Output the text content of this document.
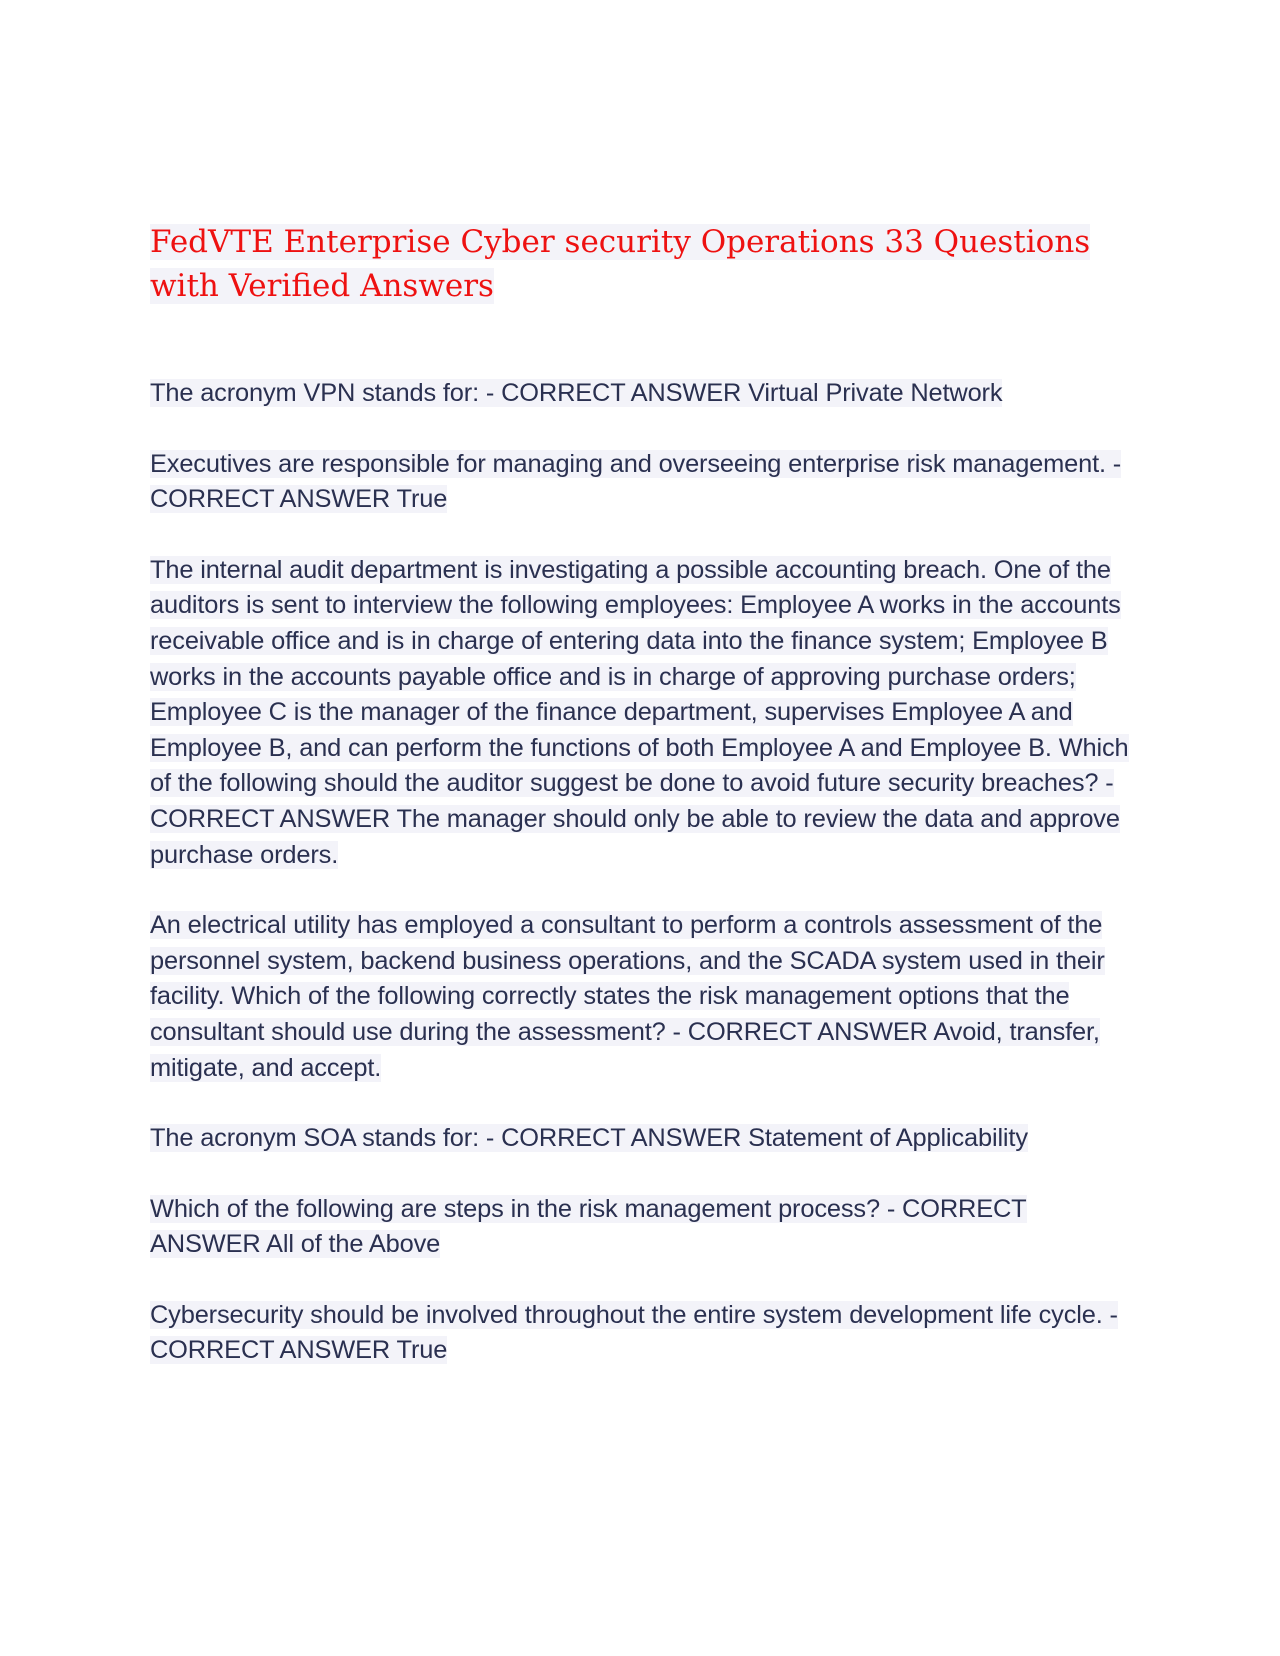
FedVTE Enterprise Cyber security Operations 33 Questions with Verified Answers

The acronym VPN stands for: - CORRECT ANSWER Virtual Private Network

Executives are responsible for managing and overseeing enterprise risk management. - CORRECT ANSWER True

The internal audit department is investigating a possible accounting breach. One of the auditors is sent to interview the following employees: Employee A works in the accounts receivable office and is in charge of entering data into the finance system; Employee B works in the accounts payable office and is in charge of approving purchase orders; Employee C is the manager of the finance department, supervises Employee A and Employee B, and can perform the functions of both Employee A and Employee B. Which of the following should the auditor suggest be done to avoid future security breaches? - CORRECT ANSWER The manager should only be able to review the data and approve purchase orders.

An electrical utility has employed a consultant to perform a controls assessment of the personnel system, backend business operations, and the SCADA system used in their facility. Which of the following correctly states the risk management options that the consultant should use during the assessment? - CORRECT ANSWER Avoid, transfer, mitigate, and accept.

The acronym SOA stands for: - CORRECT ANSWER Statement of Applicability

Which of the following are steps in the risk management process? - CORRECT ANSWER All of the Above

Cybersecurity should be involved throughout the entire system development life cycle. - CORRECT ANSWER True
